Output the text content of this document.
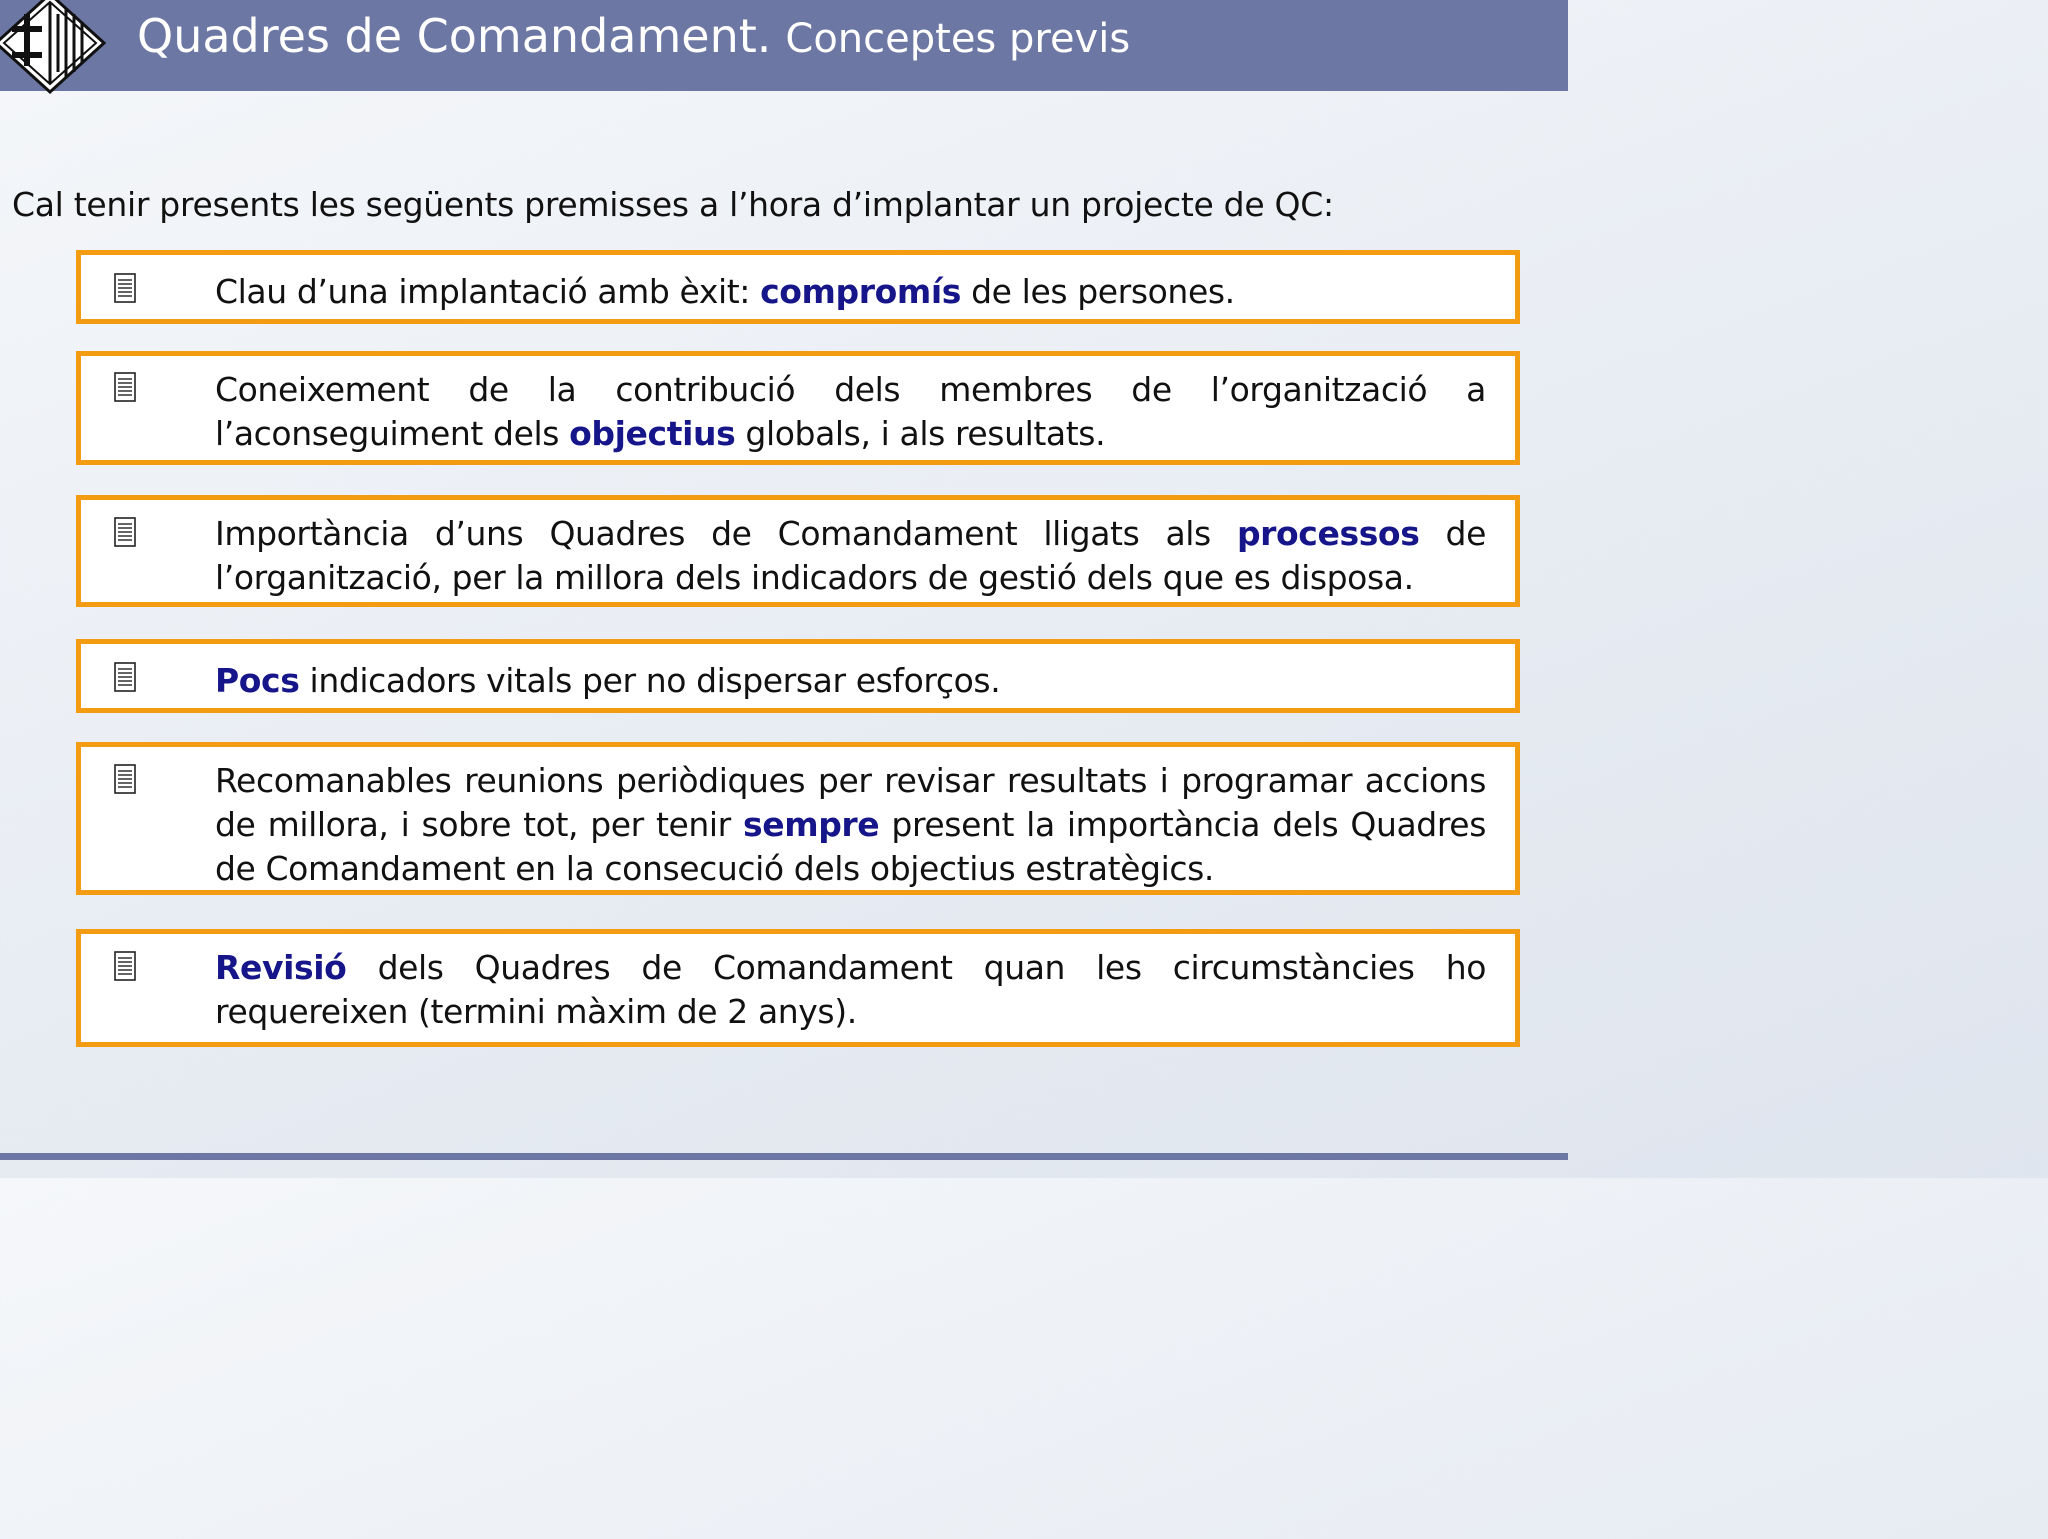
Quadres de Comandament. Conceptes previs
Cal tenir presents les següents premisses a l’hora d’implantar un projecte de QC:
Clau d’una implantació amb èxit: compromís de les persones.
Coneixement de la contribució dels membres de l’organització a l’aconseguiment dels objectius globals, i als resultats.
Importància d’uns Quadres de Comandament lligats als processos de l’organització, per la millora dels indicadors de gestió dels que es disposa.
Pocs indicadors vitals per no dispersar esforços.
Recomanables reunions periòdiques per revisar resultats i programar accions de millora, i sobre tot, per tenir sempre present la importància dels Quadres de Comandament en la consecució dels objectius estratègics.
Revisió dels Quadres de Comandament quan les circumstàncies ho requereixen (termini màxim de 2 anys).
